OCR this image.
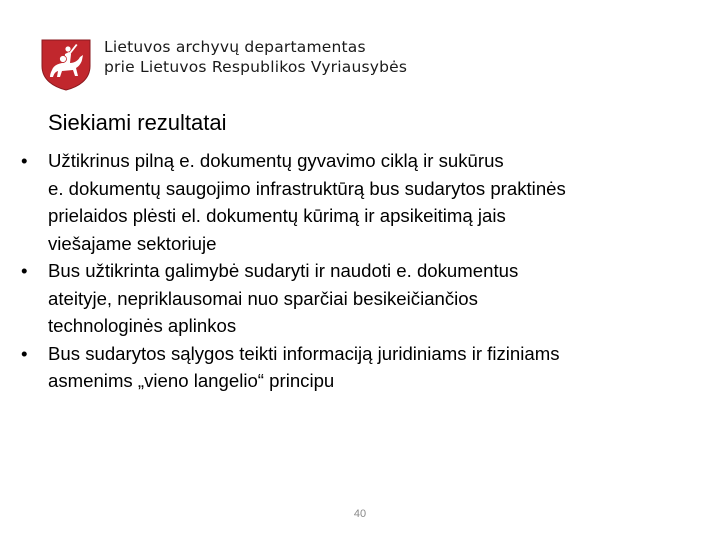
Lietuvos archyvų departamentas
prie Lietuvos Respublikos Vyriausybės
Siekiami rezultatai
•	Užtikrinus pilną e. dokumentų gyvavimo ciklą ir sukūrus
e. dokumentų saugojimo infrastruktūrą bus sudarytos praktinės
prielaidos plėsti el. dokumentų kūrimą ir apsikeitimą jais
viešajame sektoriuje
•	Bus užtikrinta galimybė sudaryti ir naudoti e. dokumentus
ateityje, nepriklausomai nuo sparčiai besikeičiančios
technologinės aplinkos
•	Bus sudarytos sąlygos teikti informaciją juridiniams ir fiziniams
asmenims „vieno langelio“ principu
40
